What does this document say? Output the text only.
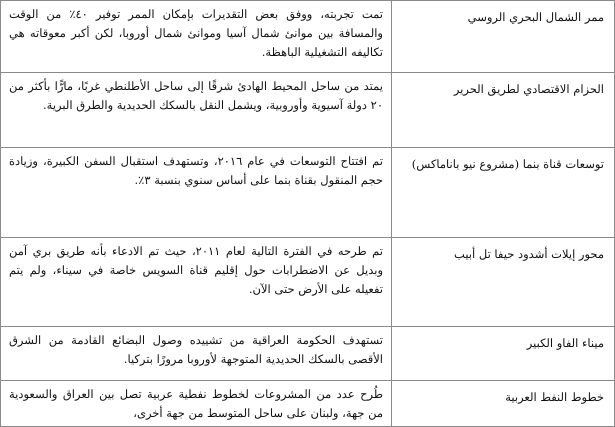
ممر الشمال البحري الروسي	تمت تجربته، ووفق بعض التقديرات بإمكان الممر توفير ٤٠٪ من الوقت والمسافة بين موانئ شمال آسيا وموانئ شمال أوروبا، لكن أكبر معوقاته هي تكاليفه التشغيلية الباهظة.
الحزام الاقتصادي لطريق الحرير	يمتد من ساحل المحيط الهادئ شرقًا إلى ساحل الأطلنطي غربًا، مارًّا بأكثر من ٢٠ دولة آسيوية وأوروبية، ويشمل النقل بالسكك الحديدية والطرق البرية.
توسعات قناة بنما (مشروع نيو باناماكس)	تم افتتاح التوسعات في عام ٢٠١٦، وتستهدف استقبال السفن الكبيرة، وزيادة حجم المنقول بقناة بنما على أساس سنوي بنسبة ٣٪.
محور إيلات أشدود حيفا تل أبيب	تم طرحه في الفترة التالية لعام ٢٠١١، حيث تم الادعاء بأنه طريق بري آمن وبديل عن الاضطرابات حول إقليم قناة السويس خاصة في سيناء، ولم يتم تفعيله على الأرض حتى الآن.
ميناء الفاو الكبير	تستهدف الحكومة العراقية من تشييده وصول البضائع القادمة من الشرق الأقصى بالسكك الحديدية المتوجهة لأوروبا مرورًا بتركيا.
خطوط النفط العربية	طُرح عدد من المشروعات لخطوط نفطية عربية تصل بين العراق والسعودية من جهة، ولبنان على ساحل المتوسط من جهة أخرى،
